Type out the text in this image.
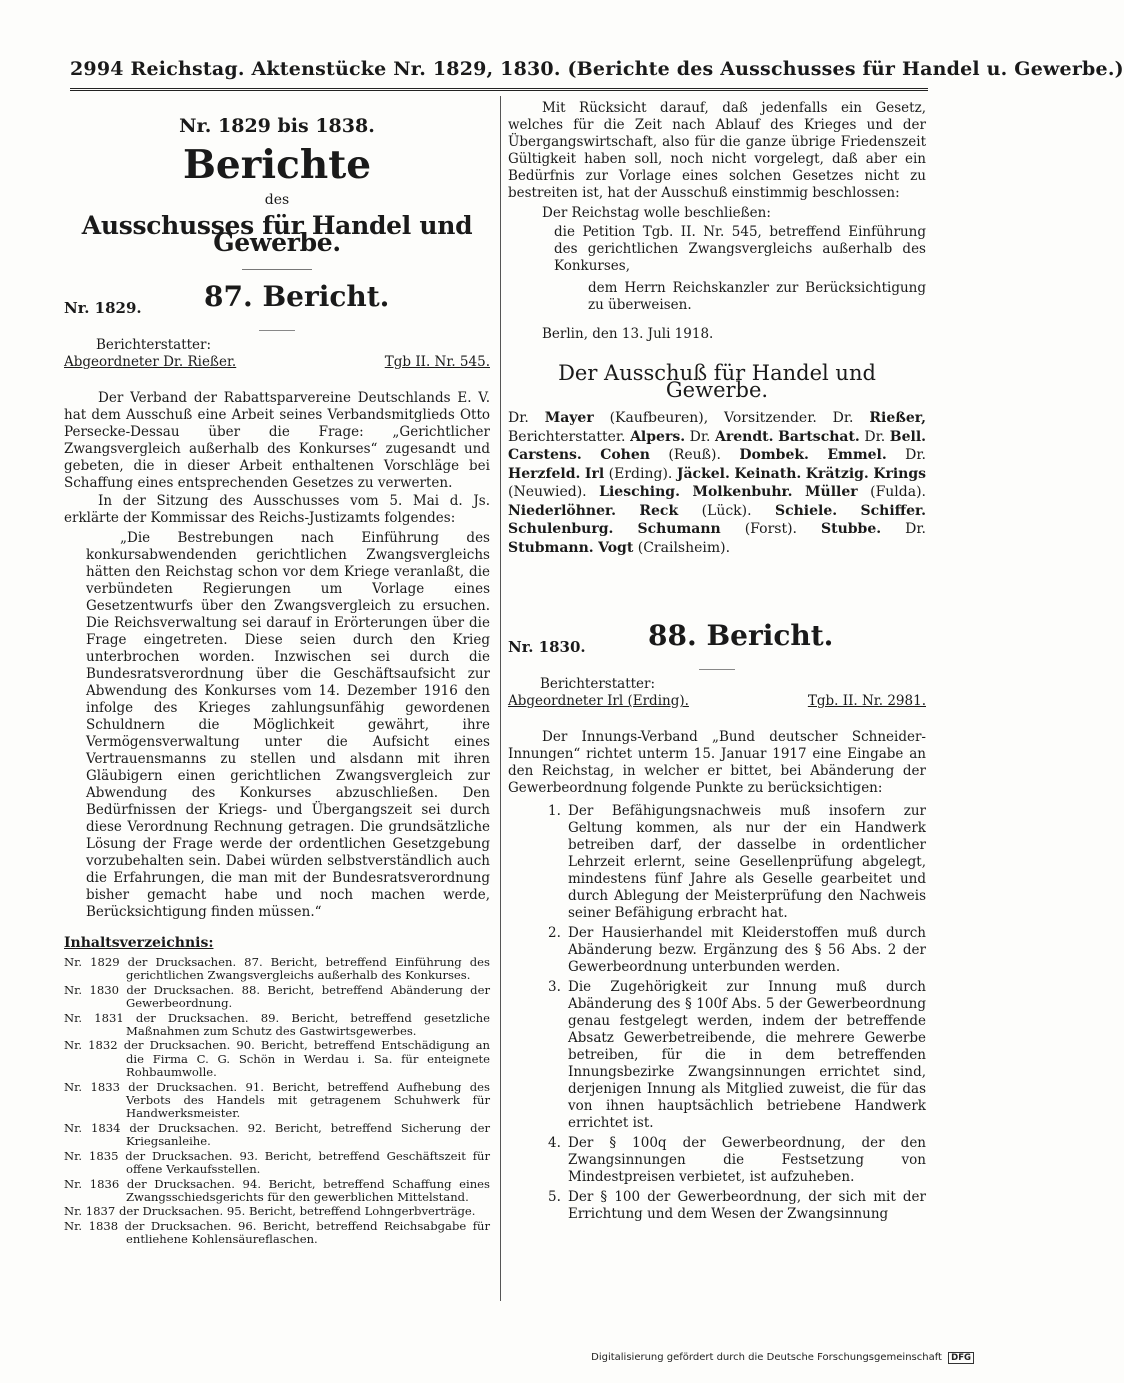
2994 Reichstag. Aktenstücke Nr. 1829, 1830. (Berichte des Ausschusses für Handel u. Gewerbe.)
Nr. 1829 bis 1838.
Berichte
des
Ausschusses für Handel und Gewerbe.
Nr. 1829. 87. Bericht.
Berichterstatter:
Abgeordneter Dr. Rießer.	Tgb II. Nr. 545.

Der Verband der Rabattsparvereine Deutschlands E. V. hat dem Ausschuß eine Arbeit seines Verbandsmitglieds Otto Persecke-Dessau über die Frage: „Gerichtlicher Zwangsvergleich außerhalb des Konkurses“ zugesandt und gebeten, die in dieser Arbeit enthaltenen Vorschläge bei Schaffung eines entsprechenden Gesetzes zu verwerten.

In der Sitzung des Ausschusses vom 5. Mai d. Js. erklärte der Kommissar des Reichs-Justizamts folgendes:

„Die Bestrebungen nach Einführung des konkursabwendenden gerichtlichen Zwangsvergleichs hätten den Reichstag schon vor dem Kriege veranlaßt, die verbündeten Regierungen um Vorlage eines Gesetzentwurfs über den Zwangsvergleich zu ersuchen. Die Reichsverwaltung sei darauf in Erörterungen über die Frage eingetreten. Diese seien durch den Krieg unterbrochen worden. Inzwischen sei durch die Bundesratsverordnung über die Geschäftsaufsicht zur Abwendung des Konkurses vom 14. Dezember 1916 den infolge des Krieges zahlungsunfähig gewordenen Schuldnern die Möglichkeit gewährt, ihre Vermögensverwaltung unter die Aufsicht eines Vertrauensmanns zu stellen und alsdann mit ihren Gläubigern einen gerichtlichen Zwangsvergleich zur Abwendung des Konkurses abzuschließen. Den Bedürfnissen der Kriegs- und Übergangszeit sei durch diese Verordnung Rechnung getragen. Die grundsätzliche Lösung der Frage werde der ordentlichen Gesetzgebung vorzubehalten sein. Dabei würden selbstverständlich auch die Erfahrungen, die man mit der Bundesratsverordnung bisher gemacht habe und noch machen werde, Berücksichtigung finden müssen.“

Inhaltsverzeichnis:
Nr. 1829 der Drucksachen. 87. Bericht, betreffend Einführung des gerichtlichen Zwangsvergleichs außerhalb des Konkurses.
Nr. 1830 der Drucksachen. 88. Bericht, betreffend Abänderung der Gewerbeordnung.
Nr. 1831 der Drucksachen. 89. Bericht, betreffend gesetzliche Maßnahmen zum Schutz des Gastwirtsgewerbes.
Nr. 1832 der Drucksachen. 90. Bericht, betreffend Entschädigung an die Firma C. G. Schön in Werdau i. Sa. für enteignete Rohbaumwolle.
Nr. 1833 der Drucksachen. 91. Bericht, betreffend Aufhebung des Verbots des Handels mit getragenem Schuhwerk für Handwerksmeister.
Nr. 1834 der Drucksachen. 92. Bericht, betreffend Sicherung der Kriegsanleihe.
Nr. 1835 der Drucksachen. 93. Bericht, betreffend Geschäftszeit für offene Verkaufsstellen.
Nr. 1836 der Drucksachen. 94. Bericht, betreffend Schaffung eines Zwangsschiedsgerichts für den gewerblichen Mittelstand.
Nr. 1837 der Drucksachen. 95. Bericht, betreffend Lohngerbverträge.
Nr. 1838 der Drucksachen. 96. Bericht, betreffend Reichsabgabe für entliehene Kohlensäureflaschen.

Mit Rücksicht darauf, daß jedenfalls ein Gesetz, welches für die Zeit nach Ablauf des Krieges und der Übergangswirtschaft, also für die ganze übrige Friedenszeit Gültigkeit haben soll, noch nicht vorgelegt, daß aber ein Bedürfnis zur Vorlage eines solchen Gesetzes nicht zu bestreiten ist, hat der Ausschuß einstimmig beschlossen:

Der Reichstag wolle beschließen:

die Petition Tgb. II. Nr. 545, betreffend Einführung des gerichtlichen Zwangsvergleichs außerhalb des Konkurses,

dem Herrn Reichskanzler zur Berücksichtigung zu überweisen.

Berlin, den 13. Juli 1918.

Der Ausschuß für Handel und Gewerbe.
Dr. Mayer (Kaufbeuren), Vorsitzender. Dr. Rießer, Berichterstatter. Alpers. Dr. Arendt. Bartschat. Dr. Bell. Carstens. Cohen (Reuß). Dombek. Emmel. Dr. Herzfeld. Irl (Erding). Jäckel. Keinath. Krätzig. Krings (Neuwied). Liesching. Molkenbuhr. Müller (Fulda). Niederlöhner. Reck (Lück). Schiele. Schiffer. Schulenburg. Schumann (Forst). Stubbe. Dr. Stubmann. Vogt (Crailsheim).
Nr. 1830. 88. Bericht.
Berichterstatter:
Abgeordneter Irl (Erding).	Tgb. II. Nr. 2981.

Der Innungs-Verband „Bund deutscher Schneider-Innungen“ richtet unterm 15. Januar 1917 eine Eingabe an den Reichstag, in welcher er bittet, bei Abänderung der Gewerbeordnung folgende Punkte zu berücksichtigen:

1. Der Befähigungsnachweis muß insofern zur Geltung kommen, als nur der ein Handwerk betreiben darf, der dasselbe in ordentlicher Lehrzeit erlernt, seine Gesellenprüfung abgelegt, mindestens fünf Jahre als Geselle gearbeitet und durch Ablegung der Meisterprüfung den Nachweis seiner Befähigung erbracht hat.
2. Der Hausierhandel mit Kleiderstoffen muß durch Abänderung bezw. Ergänzung des § 56 Abs. 2 der Gewerbeordnung unterbunden werden.
3. Die Zugehörigkeit zur Innung muß durch Abänderung des § 100f Abs. 5 der Gewerbeordnung genau festgelegt werden, indem der betreffende Absatz Gewerbetreibende, die mehrere Gewerbe betreiben, für die in dem betreffenden Innungsbezirke Zwangsinnungen errichtet sind, derjenigen Innung als Mitglied zuweist, die für das von ihnen hauptsächlich betriebene Handwerk errichtet ist.
4. Der § 100q der Gewerbeordnung, der den Zwangsinnungen die Festsetzung von Mindestpreisen verbietet, ist aufzuheben.
5. Der § 100 der Gewerbeordnung, der sich mit der Errichtung und dem Wesen der Zwangsinnung
Digitalisierung gefördert durch die Deutsche Forschungsgemeinschaft DFG
